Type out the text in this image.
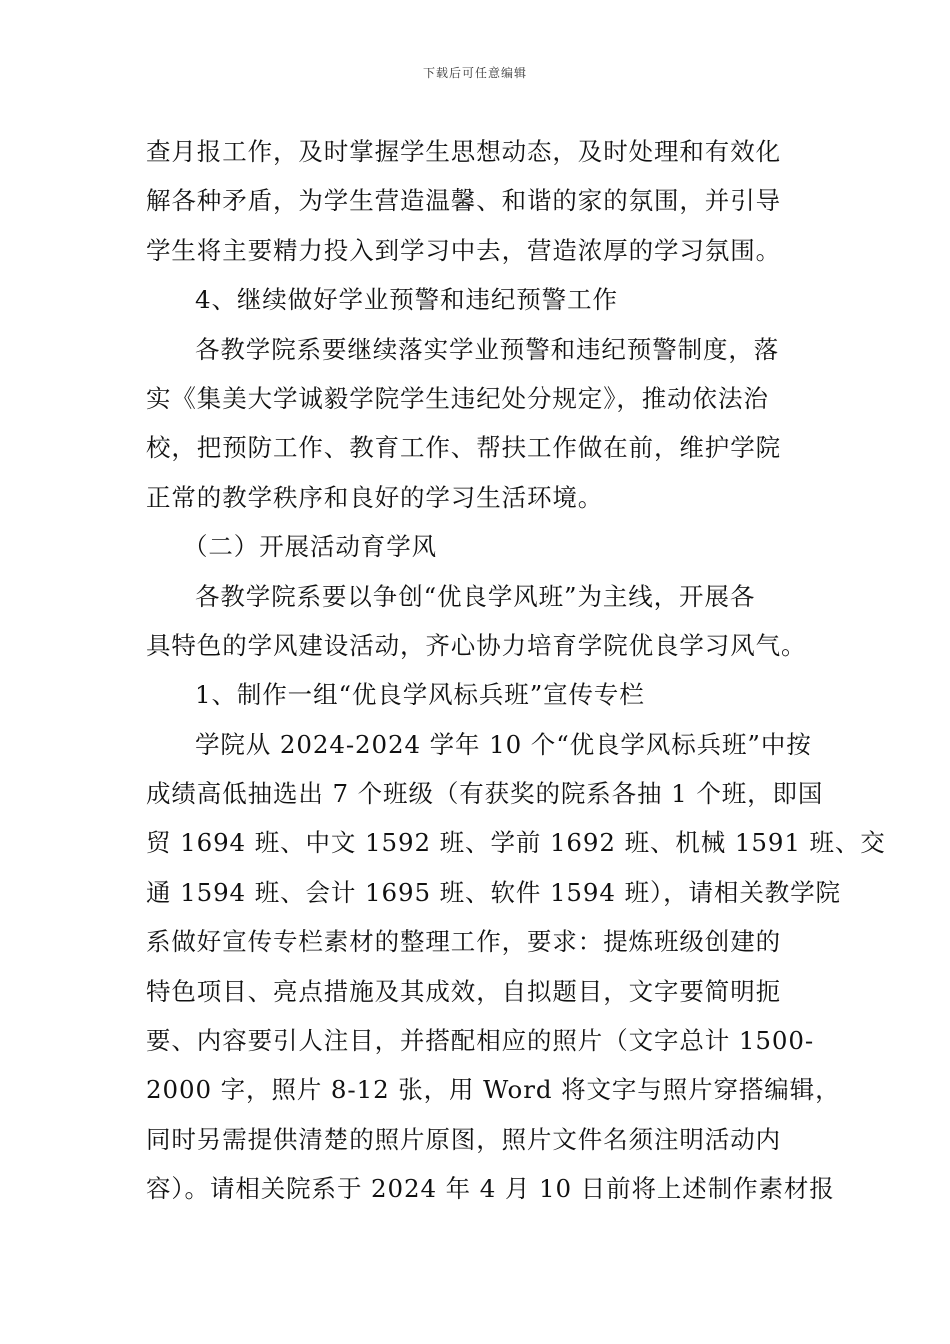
下载后可任意编辑
查月报工作，及时掌握学生思想动态，及时处理和有效化
解各种矛盾，为学生营造温馨、和谐的家的氛围，并引导
学生将主要精力投入到学习中去，营造浓厚的学习氛围。
4、继续做好学业预警和违纪预警工作
各教学院系要继续落实学业预警和违纪预警制度，落
实《集美大学诚毅学院学生违纪处分规定》，推动依法治
校，把预防工作、教育工作、帮扶工作做在前，维护学院
正常的教学秩序和良好的学习生活环境。
（二）开展活动育学风
各教学院系要以争创“优良学风班”为主线，开展各
具特色的学风建设活动，齐心协力培育学院优良学习风气。
1、制作一组“优良学风标兵班”宣传专栏
学院从 2024-2024 学年 10 个“优良学风标兵班”中按
成绩高低抽选出 7 个班级（有获奖的院系各抽 1 个班，即国
贸 1694 班、中文 1592 班、学前 1692 班、机械 1591 班、交
通 1594 班、会计 1695 班、软件 1594 班），请相关教学院
系做好宣传专栏素材的整理工作，要求：提炼班级创建的
特色项目、亮点措施及其成效，自拟题目，文字要简明扼
要、内容要引人注目，并搭配相应的照片（文字总计 1500-
2000 字，照片 8-12 张，用 Word 将文字与照片穿搭编辑，
同时另需提供清楚的照片原图，照片文件名须注明活动内
容）。请相关院系于 2024 年 4 月 10 日前将上述制作素材报
